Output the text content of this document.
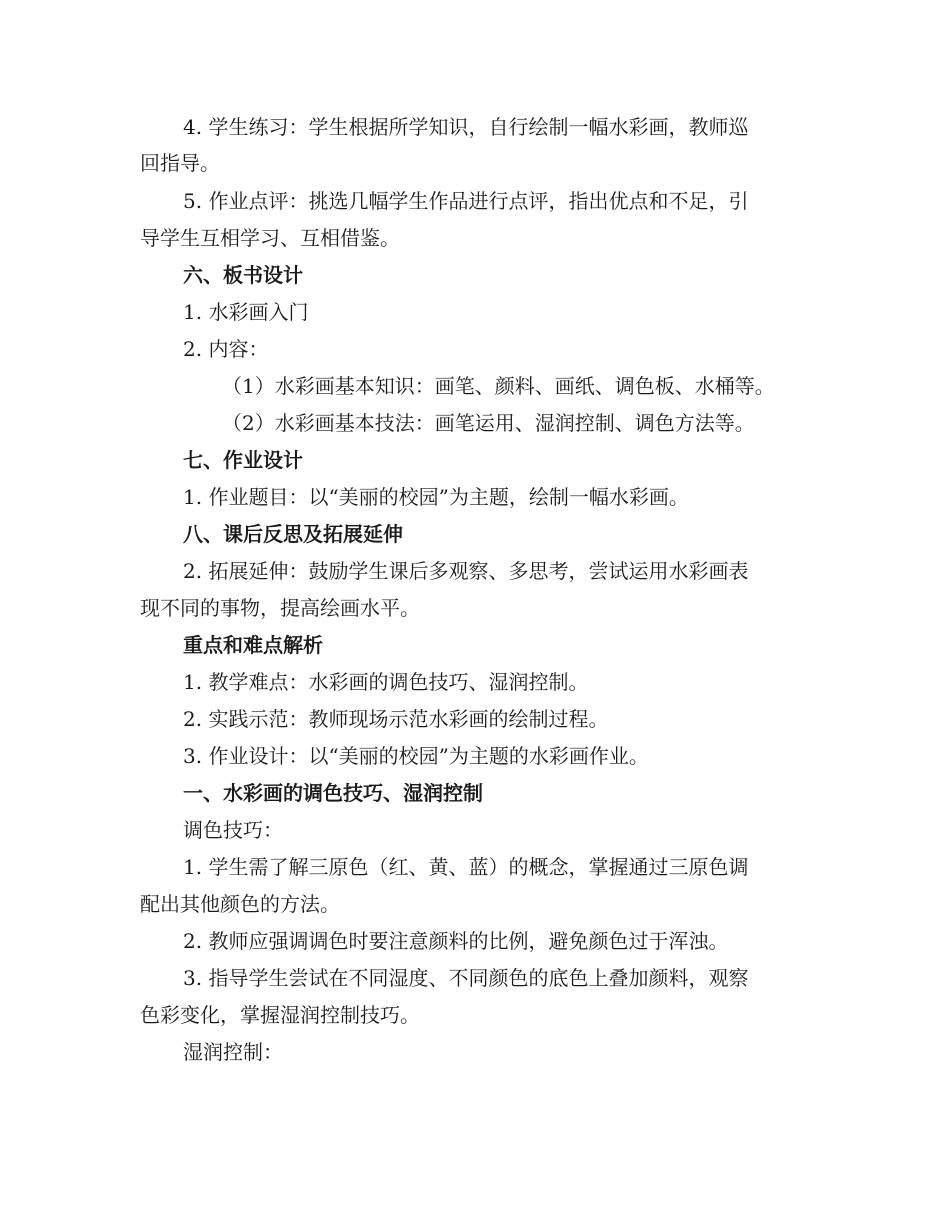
4. 学生练习：学生根据所学知识，自行绘制一幅水彩画，教师巡
回指导。
5. 作业点评：挑选几幅学生作品进行点评，指出优点和不足，引
导学生互相学习、互相借鉴。
六、板书设计
1. 水彩画入门
2. 内容：
（1）水彩画基本知识：画笔、颜料、画纸、调色板、水桶等。
（2）水彩画基本技法：画笔运用、湿润控制、调色方法等。
七、作业设计
1. 作业题目：以“美丽的校园”为主题，绘制一幅水彩画。
八、课后反思及拓展延伸
2. 拓展延伸：鼓励学生课后多观察、多思考，尝试运用水彩画表
现不同的事物，提高绘画水平。
重点和难点解析
1. 教学难点：水彩画的调色技巧、湿润控制。
2. 实践示范：教师现场示范水彩画的绘制过程。
3. 作业设计：以“美丽的校园”为主题的水彩画作业。
一、水彩画的调色技巧、湿润控制
调色技巧：
1. 学生需了解三原色（红、黄、蓝）的概念，掌握通过三原色调
配出其他颜色的方法。
2. 教师应强调调色时要注意颜料的比例，避免颜色过于浑浊。
3. 指导学生尝试在不同湿度、不同颜色的底色上叠加颜料，观察
色彩变化，掌握湿润控制技巧。
湿润控制：
